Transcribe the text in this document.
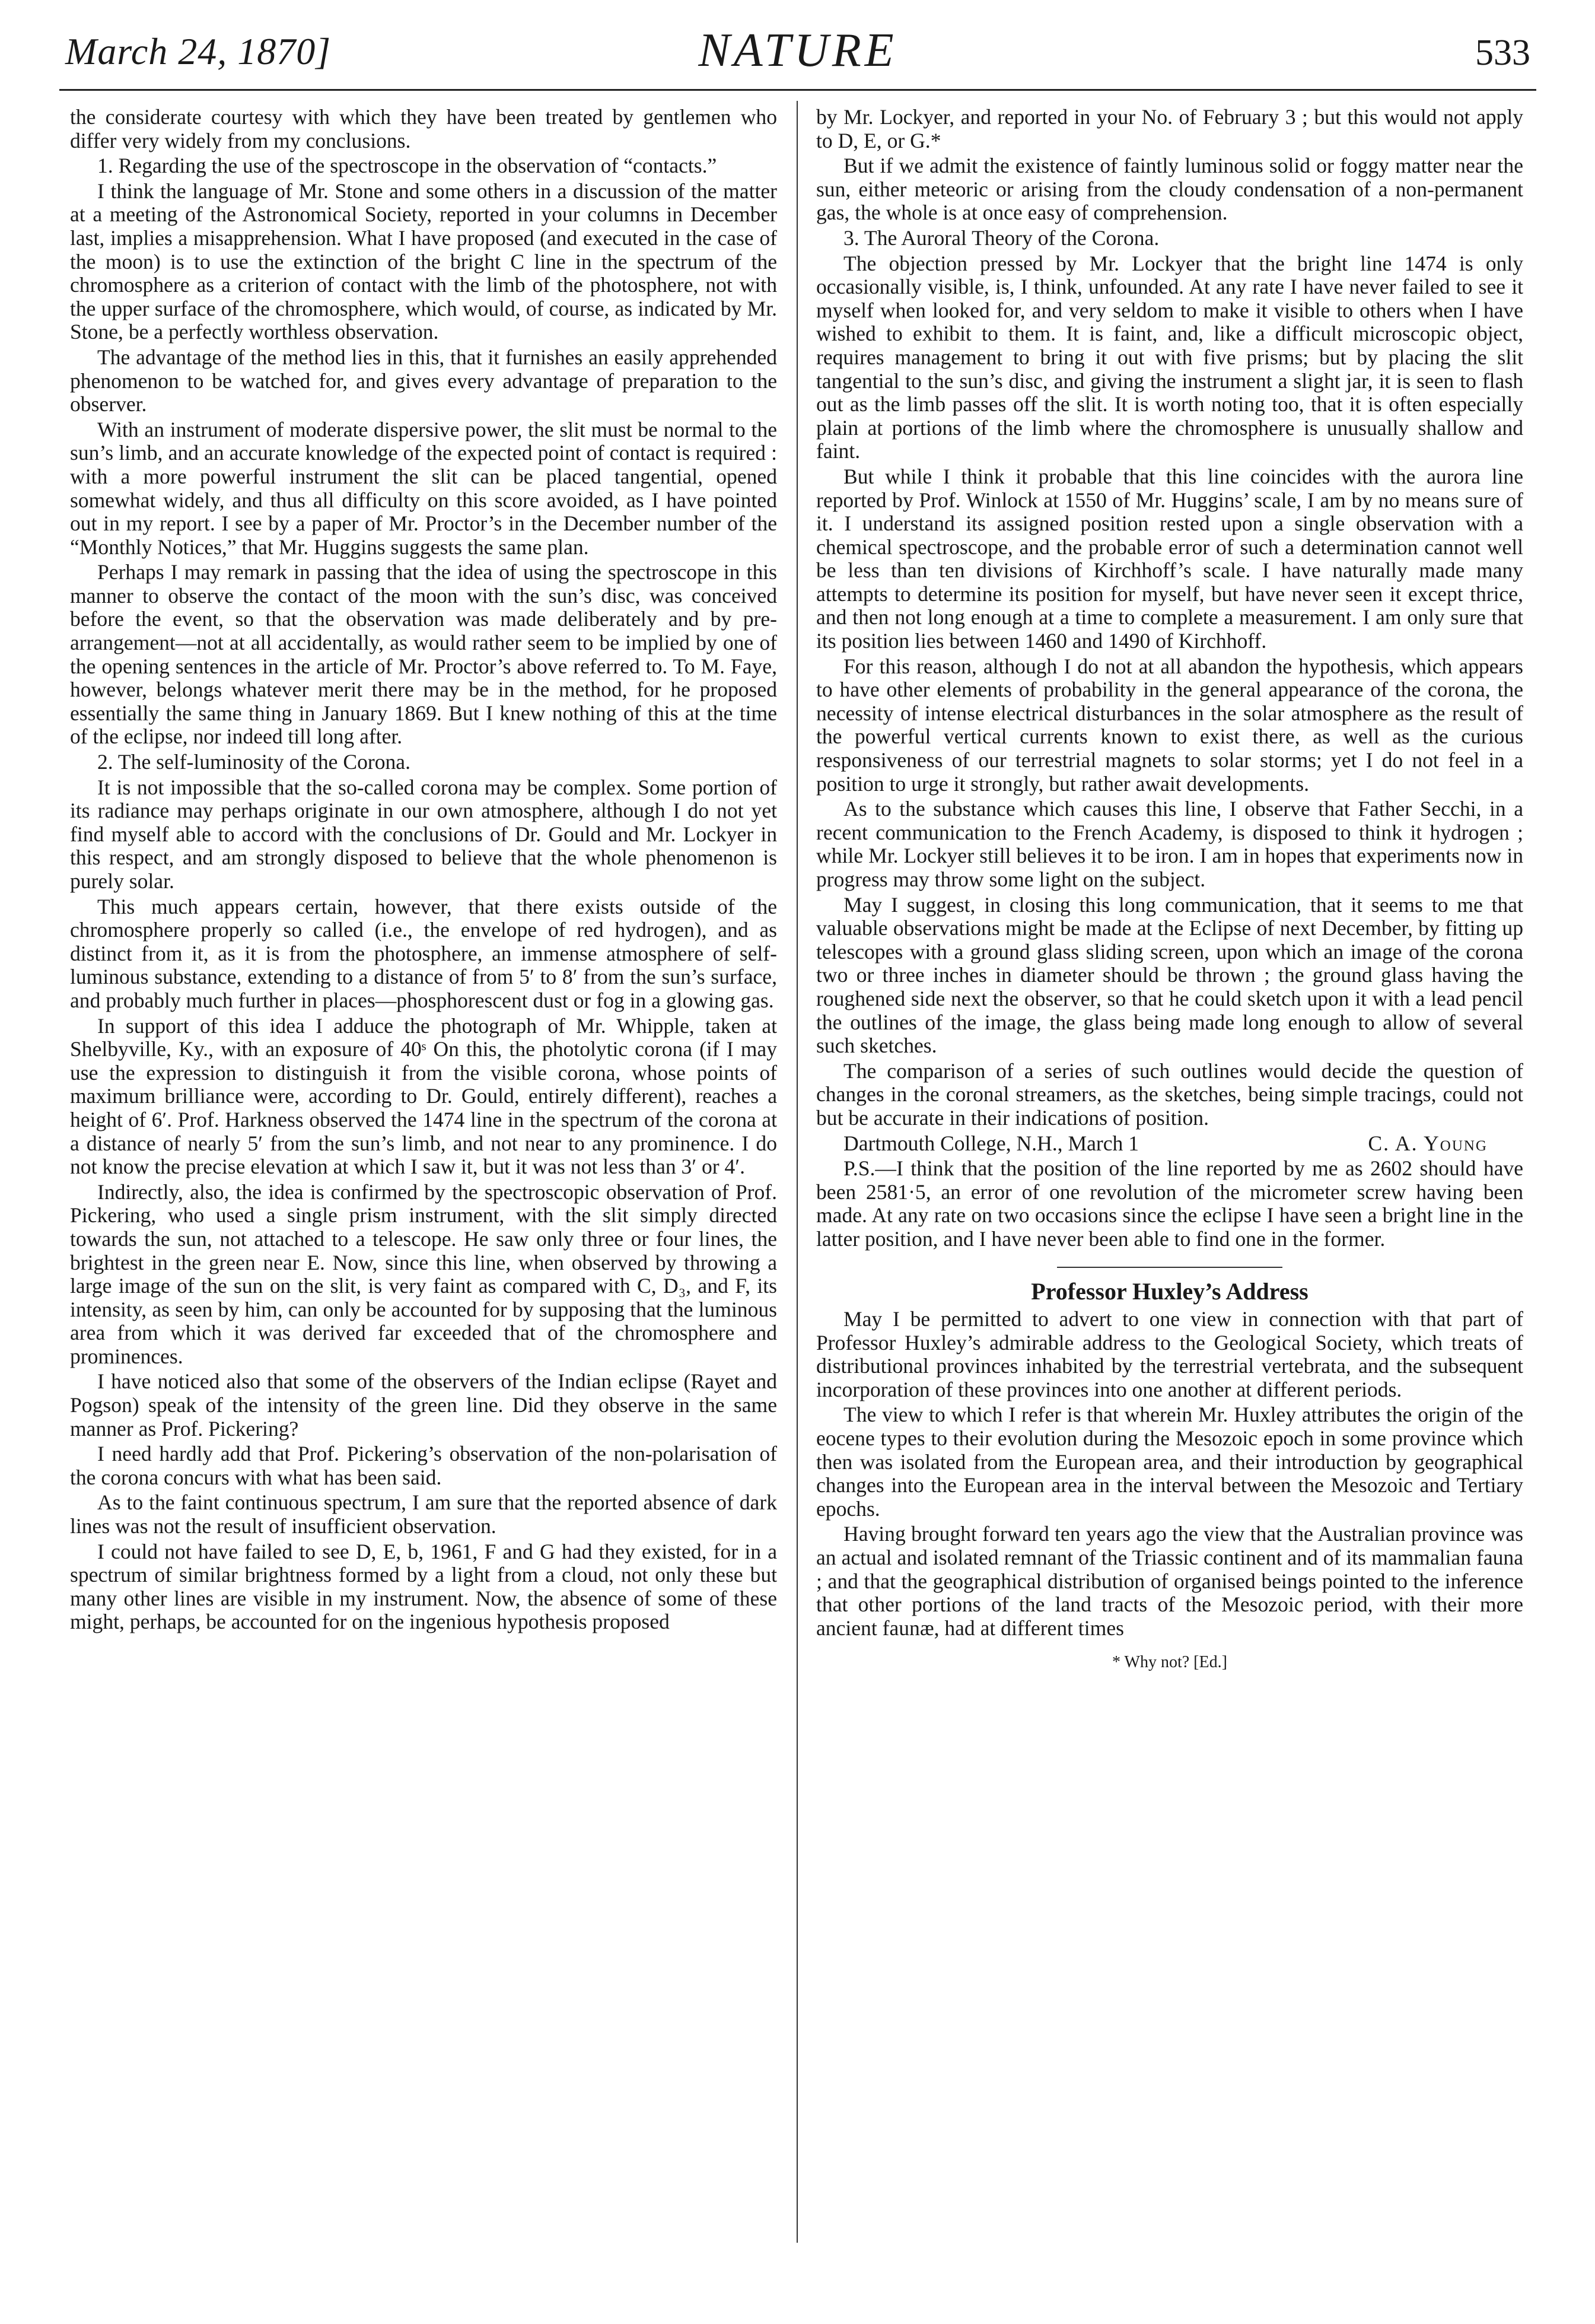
March 24, 1870]	NATURE	533

the considerate courtesy with which they have been treated by gentlemen who differ very widely from my conclusions.

1. Regarding the use of the spectroscope in the observation of “contacts.”

I think the language of Mr. Stone and some others in a discussion of the matter at a meeting of the Astronomical Society, reported in your columns in December last, implies a misapprehension. What I have proposed (and executed in the case of the moon) is to use the extinction of the bright C line in the spectrum of the chromosphere as a criterion of contact with the limb of the photosphere, not with the upper surface of the chromosphere, which would, of course, as indicated by Mr. Stone, be a perfectly worthless observation.

The advantage of the method lies in this, that it furnishes an easily apprehended phenomenon to be watched for, and gives every advantage of preparation to the observer.

With an instrument of moderate dispersive power, the slit must be normal to the sun’s limb, and an accurate knowledge of the expected point of contact is required : with a more powerful instrument the slit can be placed tangential, opened somewhat widely, and thus all difficulty on this score avoided, as I have pointed out in my report. I see by a paper of Mr. Proctor’s in the December number of the “Monthly Notices,” that Mr. Huggins suggests the same plan.

Perhaps I may remark in passing that the idea of using the spectroscope in this manner to observe the contact of the moon with the sun’s disc, was conceived before the event, so that the observation was made deliberately and by pre-arrangement—not at all accidentally, as would rather seem to be implied by one of the opening sentences in the article of Mr. Proctor’s above referred to. To M. Faye, however, belongs whatever merit there may be in the method, for he proposed essentially the same thing in January 1869. But I knew nothing of this at the time of the eclipse, nor indeed till long after.

2. The self-luminosity of the Corona.

It is not impossible that the so-called corona may be complex. Some portion of its radiance may perhaps originate in our own atmosphere, although I do not yet find myself able to accord with the conclusions of Dr. Gould and Mr. Lockyer in this respect, and am strongly disposed to believe that the whole phenomenon is purely solar.

This much appears certain, however, that there exists outside of the chromosphere properly so called (i.e., the envelope of red hydrogen), and as distinct from it, as it is from the photosphere, an immense atmosphere of self-luminous substance, extending to a distance of from 5′ to 8′ from the sun’s surface, and probably much further in places—phosphorescent dust or fog in a glowing gas.

In support of this idea I adduce the photograph of Mr. Whipple, taken at Shelbyville, Ky., with an exposure of 40ˢ On this, the photolytic corona (if I may use the expression to distinguish it from the visible corona, whose points of maximum brilliance were, according to Dr. Gould, entirely different), reaches a height of 6′. Prof. Harkness observed the 1474 line in the spectrum of the corona at a distance of nearly 5′ from the sun’s limb, and not near to any prominence. I do not know the precise elevation at which I saw it, but it was not less than 3′ or 4′.

Indirectly, also, the idea is confirmed by the spectroscopic observation of Prof. Pickering, who used a single prism instrument, with the slit simply directed towards the sun, not attached to a telescope. He saw only three or four lines, the brightest in the green near E. Now, since this line, when observed by throwing a large image of the sun on the slit, is very faint as compared with C, D₃, and F, its intensity, as seen by him, can only be accounted for by supposing that the luminous area from which it was derived far exceeded that of the chromosphere and prominences.

I have noticed also that some of the observers of the Indian eclipse (Rayet and Pogson) speak of the intensity of the green line. Did they observe in the same manner as Prof. Pickering?

I need hardly add that Prof. Pickering’s observation of the non-polarisation of the corona concurs with what has been said.

As to the faint continuous spectrum, I am sure that the reported absence of dark lines was not the result of insufficient observation.

I could not have failed to see D, E, b, 1961, F and G had they existed, for in a spectrum of similar brightness formed by a light from a cloud, not only these but many other lines are visible in my instrument. Now, the absence of some of these might, perhaps, be accounted for on the ingenious hypothesis proposed

by Mr. Lockyer, and reported in your No. of February 3 ; but this would not apply to D, E, or G.*

But if we admit the existence of faintly luminous solid or foggy matter near the sun, either meteoric or arising from the cloudy condensation of a non-permanent gas, the whole is at once easy of comprehension.

3. The Auroral Theory of the Corona.

The objection pressed by Mr. Lockyer that the bright line 1474 is only occasionally visible, is, I think, unfounded. At any rate I have never failed to see it myself when looked for, and very seldom to make it visible to others when I have wished to exhibit to them. It is faint, and, like a difficult microscopic object, requires management to bring it out with five prisms; but by placing the slit tangential to the sun’s disc, and giving the instrument a slight jar, it is seen to flash out as the limb passes off the slit. It is worth noting too, that it is often especially plain at portions of the limb where the chromosphere is unusually shallow and faint.

But while I think it probable that this line coincides with the aurora line reported by Prof. Winlock at 1550 of Mr. Huggins’ scale, I am by no means sure of it. I understand its assigned position rested upon a single observation with a chemical spectroscope, and the probable error of such a determination cannot well be less than ten divisions of Kirchhoff’s scale. I have naturally made many attempts to determine its position for myself, but have never seen it except thrice, and then not long enough at a time to complete a measurement. I am only sure that its position lies between 1460 and 1490 of Kirchhoff.

For this reason, although I do not at all abandon the hypothesis, which appears to have other elements of probability in the general appearance of the corona, the necessity of intense electrical disturbances in the solar atmosphere as the result of the powerful vertical currents known to exist there, as well as the curious responsiveness of our terrestrial magnets to solar storms; yet I do not feel in a position to urge it strongly, but rather await developments.

As to the substance which causes this line, I observe that Father Secchi, in a recent communication to the French Academy, is disposed to think it hydrogen ; while Mr. Lockyer still believes it to be iron. I am in hopes that experiments now in progress may throw some light on the subject.

May I suggest, in closing this long communication, that it seems to me that valuable observations might be made at the Eclipse of next December, by fitting up telescopes with a ground glass sliding screen, upon which an image of the corona two or three inches in diameter should be thrown ; the ground glass having the roughened side next the observer, so that he could sketch upon it with a lead pencil the outlines of the image, the glass being made long enough to allow of several such sketches.

The comparison of a series of such outlines would decide the question of changes in the coronal streamers, as the sketches, being simple tracings, could not but be accurate in their indications of position.

Dartmouth College, N.H., March 1	C. A. Young

P.S.—I think that the position of the line reported by me as 2602 should have been 2581·5, an error of one revolution of the micrometer screw having been made. At any rate on two occasions since the eclipse I have seen a bright line in the latter position, and I have never been able to find one in the former.

Professor Huxley’s Address

May I be permitted to advert to one view in connection with that part of Professor Huxley’s admirable address to the Geological Society, which treats of distributional provinces inhabited by the terrestrial vertebrata, and the subsequent incorporation of these provinces into one another at different periods.

The view to which I refer is that wherein Mr. Huxley attributes the origin of the eocene types to their evolution during the Mesozoic epoch in some province which then was isolated from the European area, and their introduction by geographical changes into the European area in the interval between the Mesozoic and Tertiary epochs.

Having brought forward ten years ago the view that the Australian province was an actual and isolated remnant of the Triassic continent and of its mammalian fauna ; and that the geographical distribution of organised beings pointed to the inference that other portions of the land tracts of the Mesozoic period, with their more ancient faunæ, had at different times

* Why not? [Ed.]
